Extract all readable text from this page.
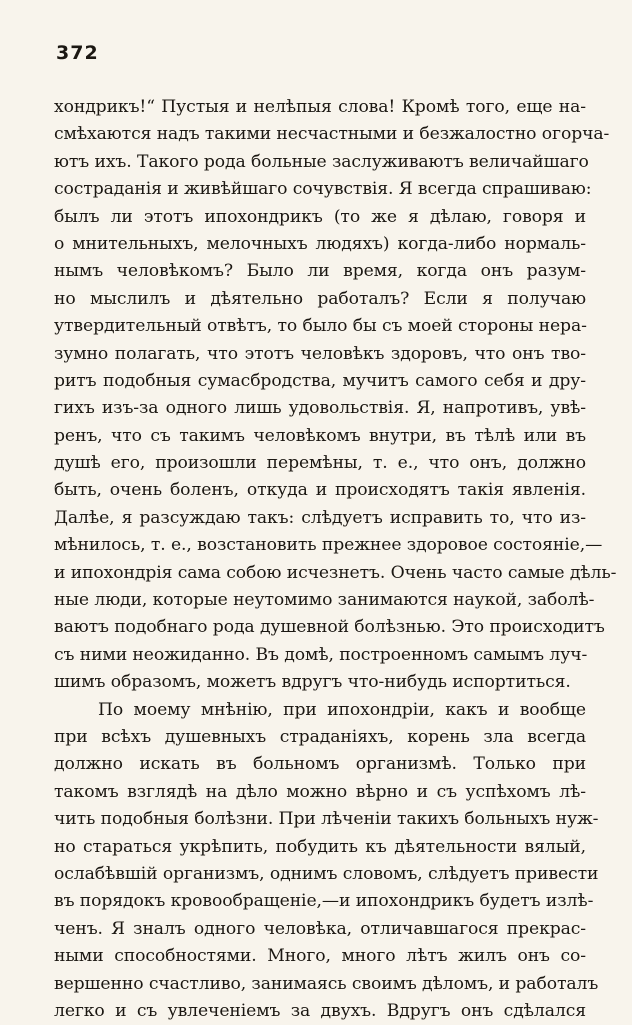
372
хондрикъ!“ Пустыя и нелѣпыя слова! Кромѣ того, еще на-
смѣхаются надъ такими несчастными и безжалостно огорча-
ютъ ихъ. Такого рода больные заслуживаютъ величайшаго
состраданія и живѣйшаго сочувствія. Я всегда спрашиваю:
былъ ли этотъ ипохондрикъ (то же я дѣлаю, говоря и
о мнительныхъ, мелочныхъ людяхъ) когда-либо нормаль-
нымъ человѣкомъ? Было ли время, когда онъ разум-
но мыслилъ и дѣятельно работалъ? Если я получаю
утвердительный отвѣтъ, то было бы съ моей стороны нера-
зумно полагать, что этотъ человѣкъ здоровъ, что онъ тво-
ритъ подобныя сумасбродства, мучитъ самого себя и дру-
гихъ изъ-за одного лишь удовольствія. Я, напротивъ, увѣ-
ренъ, что съ такимъ человѣкомъ внутри, въ тѣлѣ или въ
душѣ его, произошли перемѣны, т. е., что онъ, должно
быть, очень боленъ, откуда и происходятъ такія явленія.
Далѣе, я разсуждаю такъ: слѣдуетъ исправить то, что из-
мѣнилось, т. е., возстановить прежнее здоровое состояніе,—
и ипохондрія сама собою исчезнетъ. Очень часто самые дѣль-
ные люди, которые неутомимо занимаются наукой, заболѣ-
ваютъ подобнаго рода душевной болѣзнью. Это происходитъ
съ ними неожиданно. Въ домѣ, построенномъ самымъ луч-
шимъ образомъ, можетъ вдругъ что-нибудь испортиться.
По моему мнѣнію, при ипохондріи, какъ и вообще
при всѣхъ душевныхъ страданіяхъ, корень зла всегда
должно искать въ больномъ организмѣ. Только при
такомъ взглядѣ на дѣло можно вѣрно и съ успѣхомъ лѣ-
чить подобныя болѣзни. При лѣченіи такихъ больныхъ нуж-
но стараться укрѣпить, побудить къ дѣятельности вялый,
ослабѣвшій организмъ, однимъ словомъ, слѣдуетъ привести
въ порядокъ кровообращеніе,—и ипохондрикъ будетъ излѣ-
ченъ. Я зналъ одного человѣка, отличавшагося прекрас-
ными способностями. Много, много лѣтъ жилъ онъ со-
вершенно счастливо, занимаясь своимъ дѣломъ, и работалъ
легко и съ увлеченіемъ за двухъ. Вдругъ онъ сдѣлался
